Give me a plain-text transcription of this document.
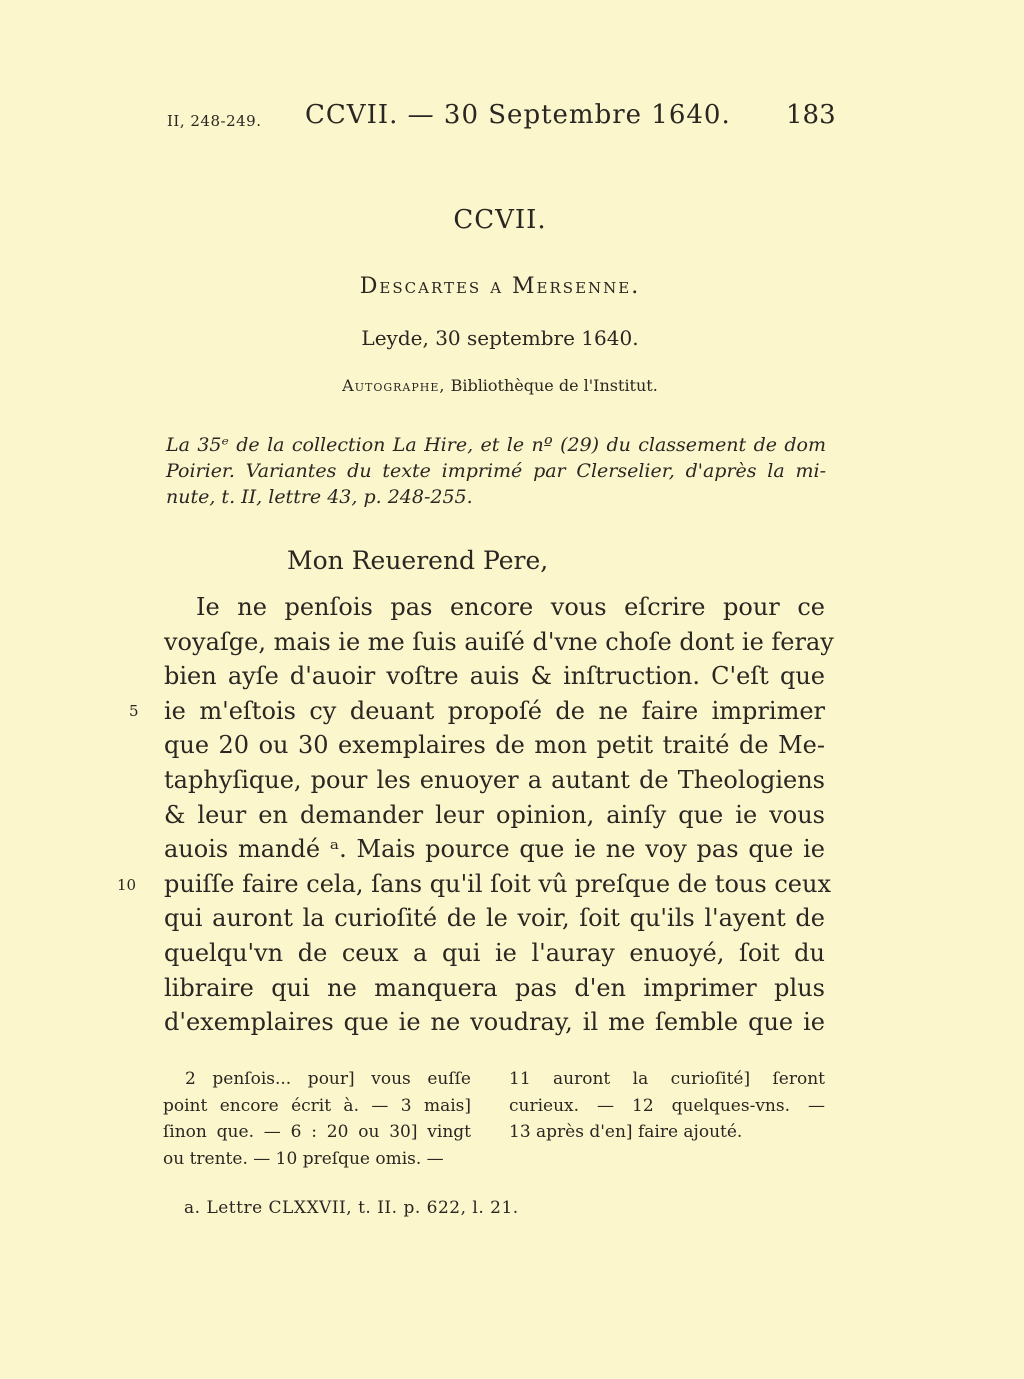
II, 248-249. CCVII. — 30 Septembre 1640. 183
CCVII.
Descartes a Mersenne.
Leyde, 30 septembre 1640.
Autographe, Bibliothèque de l'Institut.
La 35ᵉ de la collection La Hire, et le nº (29) du classement de dom
Poirier. Variantes du texte imprimé par Clerselier, d'après la mi-
nute, t. II, lettre 43, p. 248-255.
Mon Reuerend Pere,
Ie ne penſois pas encore vous eſcrire pour ce
voyaſge, mais ie me ſuis auiſé d'vne choſe dont ie feray
bien ayſe d'auoir voſtre auis & inſtruction. C'eſt que
ie m'eſtois cy deuant propoſé de ne faire imprimer
que 20 ou 30 exemplaires de mon petit traité de Me-
taphyſique, pour les enuoyer a autant de Theologiens
& leur en demander leur opinion, ainſy que ie vous
auois mandé ᵃ. Mais pource que ie ne voy pas que ie
puiſſe faire cela, ſans qu'il ſoit vû preſque de tous ceux
qui auront la curioſité de le voir, ſoit qu'ils l'ayent de
quelqu'vn de ceux a qui ie l'auray enuoyé, ſoit du
libraire qui ne manquera pas d'en imprimer plus
d'exemplaires que ie ne voudray, il me ſemble que ie
5
10
2 penſois... pour] vous euſſe
point encore écrit à. — 3 mais]
ſinon que. — 6 : 20 ou 30] vingt
ou trente. — 10 preſque omis. —
11 auront la curioſité] ſeront
curieux. — 12 quelques-vns. —
13 après d'en] faire ajouté.
a. Lettre CLXXVII, t. II. p. 622, l. 21.
